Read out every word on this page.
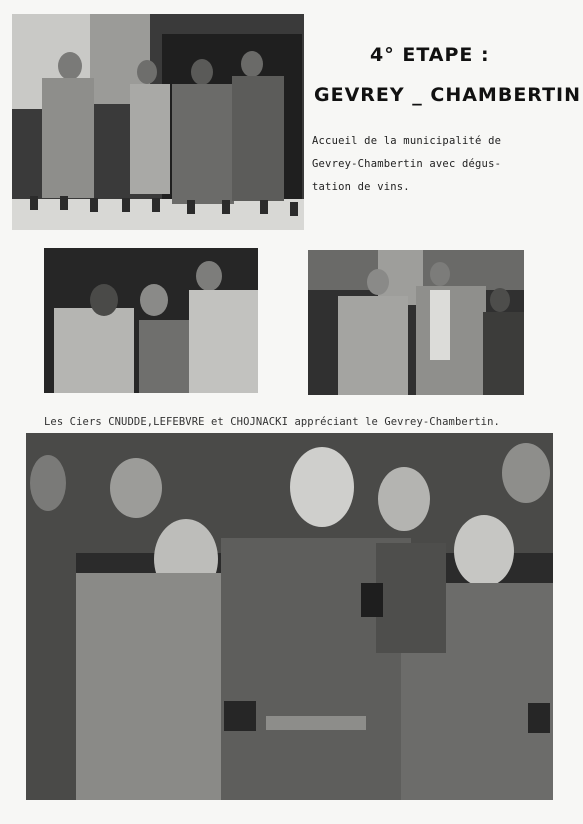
4° ETAPE :
GEVREY _ CHAMBERTIN
Accueil de la municipalité de
Gevrey-Chambertin avec dégus-
tation de vins.
Les Ciers CNUDDE,LEFEBVRE et CHOJNACKI appréciant le Gevrey-Chambertin.
